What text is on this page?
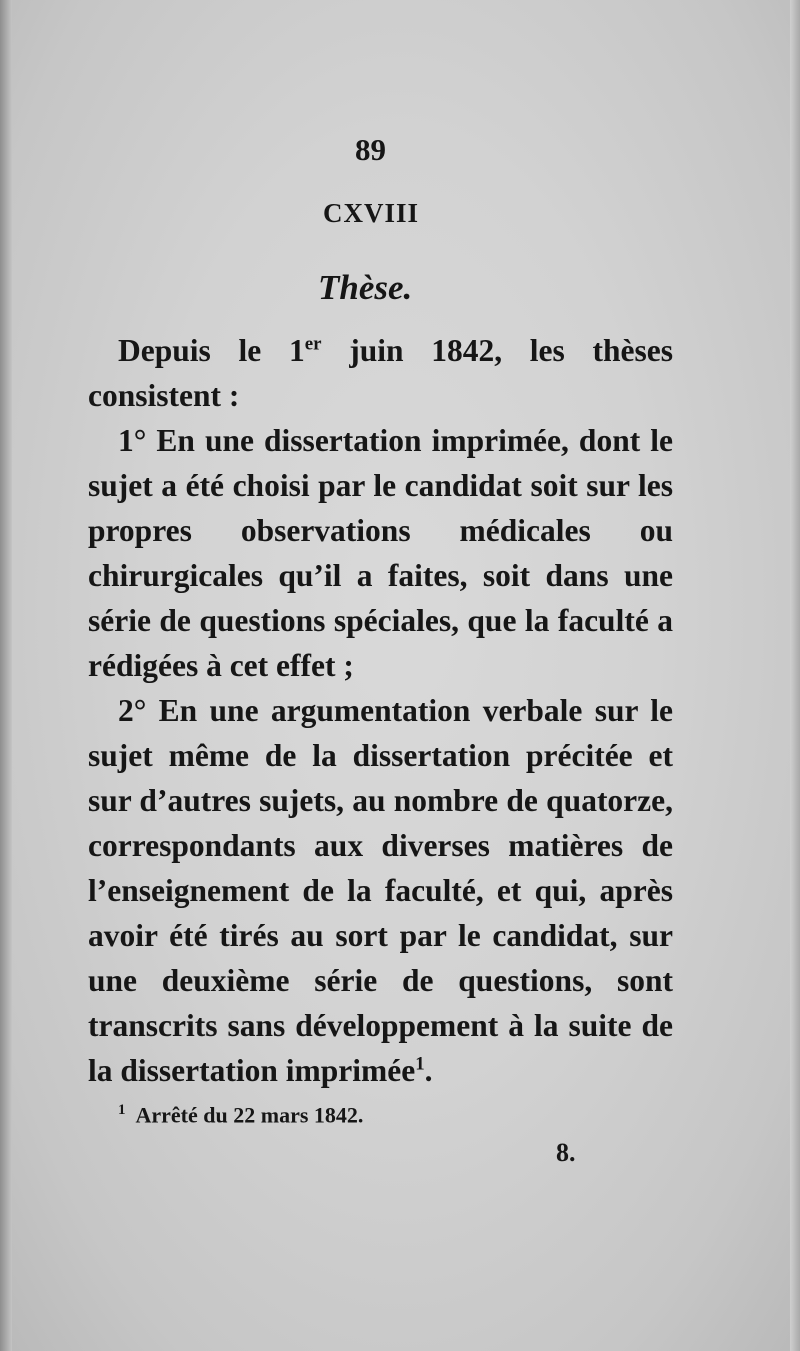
89
CXVIII
Thèse.

Depuis le 1er juin 1842, les thèses consistent :

1° En une dissertation imprimée, dont le sujet a été choisi par le candidat soit sur les propres observations médicales ou chirurgicales qu’il a faites, soit dans une série de questions spéciales, que la faculté a rédigées à cet effet ;

2° En une argumentation verbale sur le sujet même de la dissertation précitée et sur d’autres sujets, au nombre de quatorze, correspondants aux diverses matières de l’enseignement de la faculté, et qui, après avoir été tirés au sort par le candidat, sur une deuxième série de questions, sont transcrits sans développement à la suite de la dissertation imprimée$^1$.

$^1$ Arrêté du 22 mars 1842.
8.
